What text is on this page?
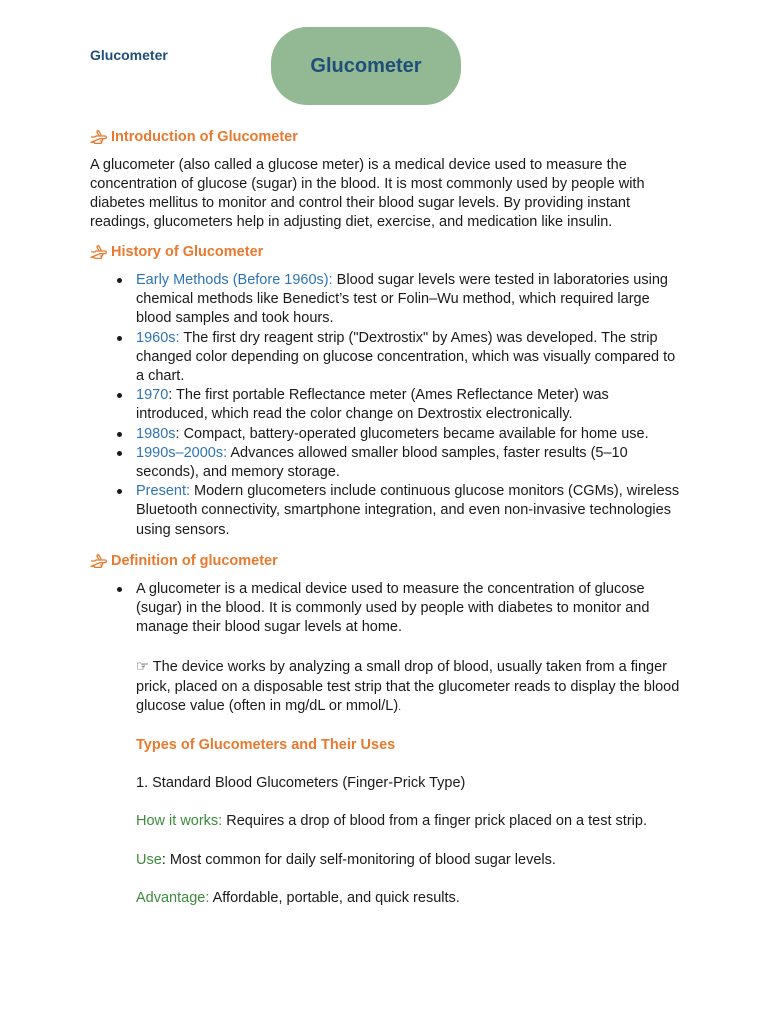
Glucometer	Glucometer
Introduction of Glucometer

A glucometer (also called a glucose meter) is a medical device used to measure the concentration of glucose (sugar) in the blood. It is most commonly used by people with diabetes mellitus to monitor and control their blood sugar levels. By providing instant readings, glucometers help in adjusting diet, exercise, and medication like insulin.

History of Glucometer
Early Methods (Before 1960s): Blood sugar levels were tested in laboratories using chemical methods like Benedict’s test or Folin–Wu method, which required large blood samples and took hours.
1960s: The first dry reagent strip ("Dextrostix" by Ames) was developed. The strip changed color depending on glucose concentration, which was visually compared to a chart.
1970: The first portable Reflectance meter (Ames Reflectance Meter) was introduced, which read the color change on Dextrostix electronically.
1980s: Compact, battery-operated glucometers became available for home use.
1990s–2000s: Advances allowed smaller blood samples, faster results (5–10 seconds), and memory storage.
Present: Modern glucometers include continuous glucose monitors (CGMs), wireless Bluetooth connectivity, smartphone integration, and even non-invasive technologies using sensors.
Definition of glucometer
A glucometer is a medical device used to measure the concentration of glucose (sugar) in the blood. It is commonly used by people with diabetes to monitor and manage their blood sugar levels at home.
☞ The device works by analyzing a small drop of blood, usually taken from a finger prick, placed on a disposable test strip that the glucometer reads to display the blood glucose value (often in mg/dL or mmol/L).
Types of Glucometers and Their Uses
1. Standard Blood Glucometers (Finger-Prick Type)
How it works: Requires a drop of blood from a finger prick placed on a test strip.
Use: Most common for daily self-monitoring of blood sugar levels.
Advantage: Affordable, portable, and quick results.
